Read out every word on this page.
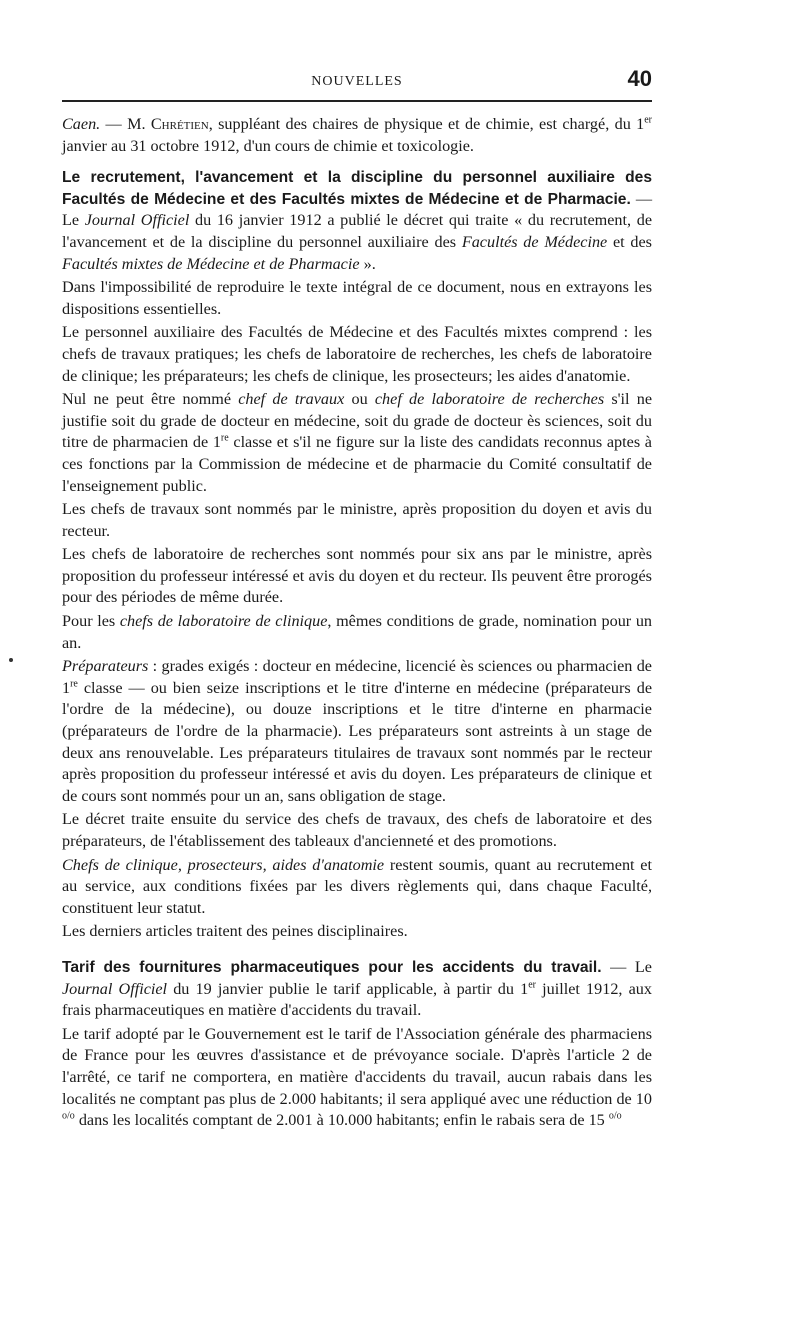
NOUVELLES	40

Caen. — M. Chrétien, suppléant des chaires de physique et de chimie, est chargé, du 1er janvier au 31 octobre 1912, d'un cours de chimie et toxicologie.

Le recrutement, l'avancement et la discipline du personnel auxiliaire des Facultés de Médecine et des Facultés mixtes de Médecine et de Pharmacie. — Le Journal Officiel du 16 janvier 1912 a publié le décret qui traite « du recrutement, de l'avancement et de la discipline du personnel auxiliaire des Facultés de Médecine et des Facultés mixtes de Médecine et de Pharmacie ».

Dans l'impossibilité de reproduire le texte intégral de ce document, nous en extrayons les dispositions essentielles.

Le personnel auxiliaire des Facultés de Médecine et des Facultés mixtes comprend : les chefs de travaux pratiques; les chefs de laboratoire de recherches, les chefs de laboratoire de clinique; les préparateurs; les chefs de clinique, les prosecteurs; les aides d'anatomie.

Nul ne peut être nommé chef de travaux ou chef de laboratoire de recherches s'il ne justifie soit du grade de docteur en médecine, soit du grade de docteur ès sciences, soit du titre de pharmacien de 1re classe et s'il ne figure sur la liste des candidats reconnus aptes à ces fonctions par la Commission de médecine et de pharmacie du Comité consultatif de l'enseignement public.

Les chefs de travaux sont nommés par le ministre, après proposition du doyen et avis du recteur.

Les chefs de laboratoire de recherches sont nommés pour six ans par le ministre, après proposition du professeur intéressé et avis du doyen et du recteur. Ils peuvent être prorogés pour des périodes de même durée.

Pour les chefs de laboratoire de clinique, mêmes conditions de grade, nomination pour un an.

Préparateurs : grades exigés : docteur en médecine, licencié ès sciences ou pharmacien de 1re classe — ou bien seize inscriptions et le titre d'interne en médecine (préparateurs de l'ordre de la médecine), ou douze inscriptions et le titre d'interne en pharmacie (préparateurs de l'ordre de la pharmacie). Les préparateurs sont astreints à un stage de deux ans renouvelable. Les préparateurs titulaires de travaux sont nommés par le recteur après proposition du professeur intéressé et avis du doyen. Les préparateurs de clinique et de cours sont nommés pour un an, sans obligation de stage.

Le décret traite ensuite du service des chefs de travaux, des chefs de laboratoire et des préparateurs, de l'établissement des tableaux d'ancienneté et des promotions.

Chefs de clinique, prosecteurs, aides d'anatomie restent soumis, quant au recrutement et au service, aux conditions fixées par les divers règlements qui, dans chaque Faculté, constituent leur statut.

Les derniers articles traitent des peines disciplinaires.

Tarif des fournitures pharmaceutiques pour les accidents du travail. — Le Journal Officiel du 19 janvier publie le tarif applicable, à partir du 1er juillet 1912, aux frais pharmaceutiques en matière d'accidents du travail.

Le tarif adopté par le Gouvernement est le tarif de l'Association générale des pharmaciens de France pour les œuvres d'assistance et de prévoyance sociale. D'après l'article 2 de l'arrêté, ce tarif ne comportera, en matière d'accidents du travail, aucun rabais dans les localités ne comptant pas plus de 2.000 habitants; il sera appliqué avec une réduction de 10 $^{o/o}$ dans les localités comptant de 2.001 à 10.000 habitants; enfin le rabais sera de 15 $^{o/o}$
